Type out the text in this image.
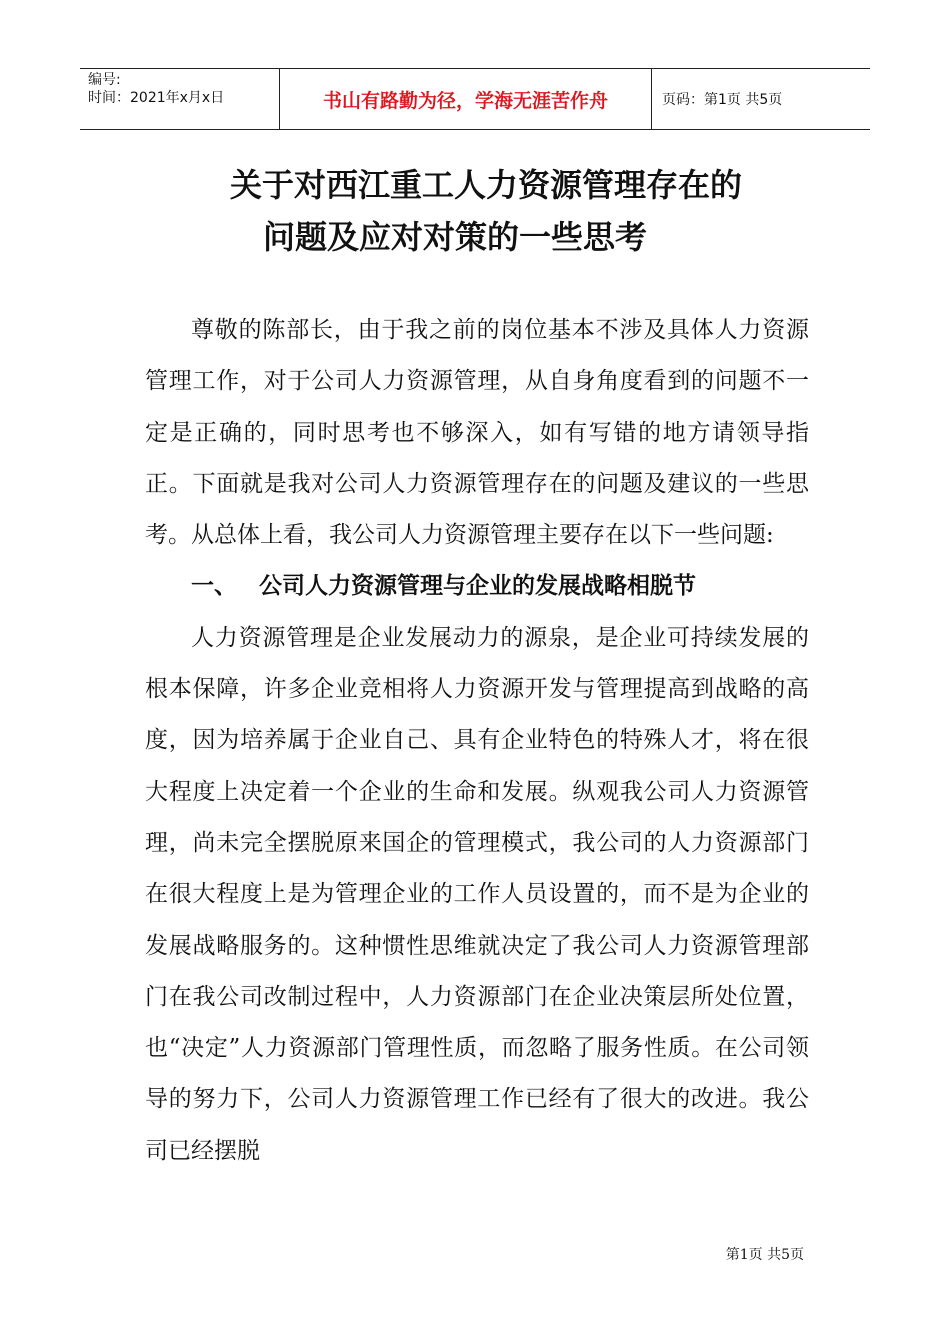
编号:
时间：2021年x月x日	书山有路勤为径，学海无涯苦作舟	页码：第1页 共5页
关于对西江重工人力资源管理存在的
问题及应对对策的一些思考

尊敬的陈部长，由于我之前的岗位基本不涉及具体人力资源管理工作，对于公司人力资源管理，从自身角度看到的问题不一定是正确的，同时思考也不够深入，如有写错的地方请领导指正。下面就是我对公司人力资源管理存在的问题及建议的一些思考。从总体上看，我公司人力资源管理主要存在以下一些问题:

一、 公司人力资源管理与企业的发展战略相脱节

人力资源管理是企业发展动力的源泉，是企业可持续发展的根本保障，许多企业竞相将人力资源开发与管理提高到战略的高度，因为培养属于企业自己、具有企业特色的特殊人才，将在很大程度上决定着一个企业的生命和发展。纵观我公司人力资源管理，尚未完全摆脱原来国企的管理模式，我公司的人力资源部门在很大程度上是为管理企业的工作人员设置的，而不是为企业的发展战略服务的。这种惯性思维就决定了我公司人力资源管理部门在我公司改制过程中，人力资源部门在企业决策层所处位置，也“决定”人力资源部门管理性质，而忽略了服务性质。在公司领导的努力下，公司人力资源管理工作已经有了很大的改进。我公司已经摆脱

第1页 共5页
